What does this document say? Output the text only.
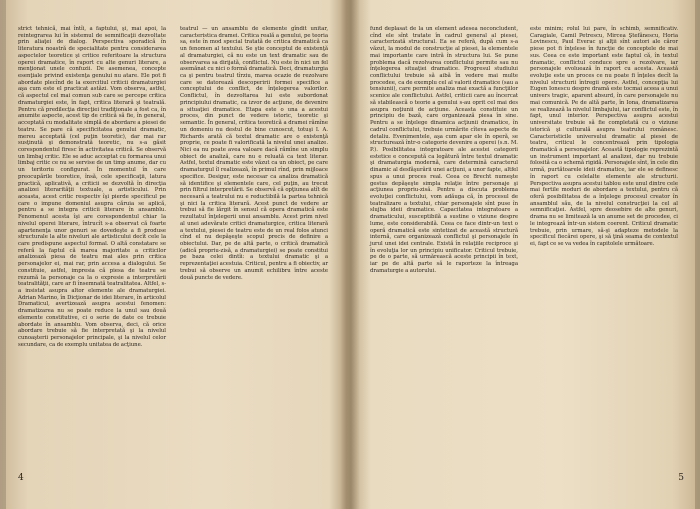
strict tehnică, mai întîi, a faptului, şi, mai apoi, la reintegrarea lui în sistemul de semnificaţii dezvoltate prin aliaţei de dialog. Perspectiva sporadică în literatura noastră de specialitate pentru considerarea aspectelor teoretice şi critice referitoare la structura operei dramatice, în raport cu alte genuri literare, a menţionat unele confuzii. De asemenea, concepte esenţiale privind existenţa genului nu atare. Ele pot fi abordate plecînd de la exercitiul criticii dramaturgiei aşa cum este el practicat astăzi. Vom observa, astfel, că aspectul cel mai comun sub care se percepe critica dramaturgiei este, în fapt, critica literară şi teatrală. Pentru că predilecţia direcţiei tradiţionale a fost ca, în anumite aspecte, acest tip de critică să fie, în general, acceptată cu modalitate simplă de abordare a piesei de teatru. Se pare că specificitatea genului dramatic, mereu acceptată (cel puţin teoretic), dar mai rar susţinută şi demonstrată teoretic, nu s-a găsit corespondentul firesc în activitatea critică. Se observă un limbaj critic. Ele se aduc acceptat cu formarea unui limbaj critic ce nu se servise de un timp anume, dar cu un teritoriu configurat. În momentul în care preocupările teoretice, însă, cele specificaţii, latura practică, aplicativă, a criticii se dezvoltă în direcţia analizei literarităţii textuale, a artisticului. Prin aceasta, acest critic respectiv îşi pierde specificul pe care o impune domeniul asupra căruia se aplică, pentru a se integra criticii literare în ansamblu. Fenomenul acesta îşi are corespondentul chiar la nivelul operei literare, întrucît s-a observat că foarte apartenenţa unor genuri se dovedeşte a fi produse structurale la alte niveluri ale artisticului decît cele la care predispune aspectul formal. O altă constatare se referă la faptul că marea majoritate a criticilor analizează piesa de teatru mai ales prin critica personajelor ei, mai rar, prin accesa a dialogului. Se constituie, astfel, impresia că piesa de teatru se rezumă la personaje ca la o expresie a interpretării teatralităţii, care ar fi însemnată teatralitatea. Altfel, s-a insistat asupra altor elemente ale dramaturgiei. Adrian Marino, în Dicţionar de idei literare, în articolul Dramaticul, avertizează asupra acestui fenomen: dramatizarea nu se poate reduce la unul sau două elemente constitutive, ci o serie de date ce trebuie abordate în ansamblu. Vom observa, deci, că orice abordare trebuie să fie interpretată şi la nivelul cunoaşterii personajelor principale, şi la nivelul celor secundare, ca de exemplu unitatea de acţiune.

teatrul — un ansamblu de elemente gîndit unitar, caracteristica dramei. Critica reală a genului, pe teoria sa, este în mod special tratată de critica dramatică ca un fenomen al textului. Se ştie conceptul de existenţă al dramaturgiei, că nu este un text dramatic sau de observarea sa dirijată, conflictul. Nu este în nici un fel asemănat cu nici o formă dramatică. Deci, dramaturgia ca şi pentru teatrul tîrziu, marea ocazie de rezolvare care se datorează descoperirii formei specifice a conceptului de conflict, de înţelegerea valorilor. Conflictul, în dezvoltarea lui este subordonat principiului dramatic, ca izvor de acţiune, de devenire a situaţiei dramatice. Etapa este o una a acestui proces, din punct de vedere istoric, teoretic şi semantic. În general, critica teoretică a dramei rămîne un domeniu nu destul de bine cunoscut, totuşi I. A. Richards arată că textul dramatic are o existenţă proprie, ce poate fi valorificată la nivelul unei analize. Nici ea nu poate avea valoare dacă rămîne un simplu obiect de analiză, care nu e reluată ca text literar. Astfel, textul dramatic este văzut ca un obiect, pe care dramaturgul îl realizează, în primul rînd, prin mijloace specifice. Desigur, este necesar ca analiza dramatică să identifice şi elementele care, cel puţin, au trecut prin filtrul interpretării. Se observă că opţiunea atît de necesară a teatrului nu e reductibilă la partea tehnică şi nici la critica literară. Acest punct de vedere ar trebui să fie lărgit în sensul că opera dramatică este rezultatul înţelegerii unui ansamblu. Acest prim nivel al unei adevărate critici dramaturgice, critica literară a textului, piesei de teatru este de un real folos atunci cînd el nu depăşeşte scopul precis de definire a obiectului. Dar, pe de altă parte, o critică dramatică (adică propriu-zisă, a dramaturgiei) se poate constitui pe baza celei dintîi: a textului dramatic şi a reprezentaţiei acestuia. Criticul, pentru a fi obiectiv, ar trebui să observe un anumit echilibru între aceste două puncte de vedere.

4

fund deplasat de la un element adesea neconcludent, cînd ele sînt tratate în cadrul general al piesei, caracterizată structural. Ea se referă, după cum s-a văzut, la modul de construcţie al piesei, la elementele mai importante care intră în structura lui. Se pune problema dacă rezolvarea conflictului permite sau nu înţelegerea situaţiei dramatice. Progresul studiului conflictului trebuie să aibă în vedere mai multe procedee, ca de exemplu cel al valorii dramatice (sau a tensiunii), care permite analiza mai exactă a funcţiilor scenice ale conflictului. Astfel, criticii care au încercat să stabilească o teorie a genului s-au oprit cel mai des asupra noţiunii de acţiune. Aceasta constituie un principiu de bază, care organizează piesa în sine. Pentru a se înţelege dinamica acţiunii dramatice, în cadrul conflictului, trebuie urmărite cîteva aspecte de detaliu. Evenimentele, aşa cum apar ele în operă, se structurează într-o categorie devenire a operei (s.n. M. P.). Posibilitatea integratoare ale acestei categorii estetice e concepută ca legătură între textul dramatic şi dramaturgia modernă, care determină caracterul dinamic al desfăşurării unei acţiuni, a unor fapte, altfel spus a unui proces real. Ceea ce Brecht numeşte gestus depăşeşte simpla relaţie între personaje şi acţiunea propriu-zisă. Pentru a discuta problema evoluţiei conflictului, vom adăuga că, în procesul de teatralizare a textului, chiar personajele sînt puse în slujba ideii dramatice. Capacitatea integratoare a dramaticului, susceptibilă a sustine o viziune despre lume, este considerabilă. Ceea ce face dintr-un text o operă dramatică este sintetizat de această structură internă, care organizează conflictul şi personajele în jurul unei idei centrale. Există în relaţiile reciproce şi în evoluţia lor un principiu unificator. Criticul trebuie, pe de o parte, să urmărească aceste principii în text, iar pe de altă parte să le raporteze la întreaga dramaturgie a autorului.

este minim; rolul lui pare, în schimb, semnificativ. Caragiale, Camil Petrescu, Mircea Ştefănescu, Horia Lovinescu, Paul Everac şi alţii sînt autori ale căror piese pot fi înţelese în funcţie de conceptele de mai sus. Ceea ce este important este faptul că, în textul dramatic, conflictul conduce spre o rezolvare, iar personajele evoluează în raport cu acesta. Această evoluţie este un proces ce nu poate fi înţeles decît la nivelul structurii întregii opere. Astfel, concepţia lui Eugen Ionescu despre dramă este tocmai aceea a unui univers tragic, aparent absurd, în care personajele nu mai comunică. Pe de altă parte, în Iona, dramatizarea se realizează la nivelul limbajului, iar conflictul este, în fapt, unul interior. Perspectiva asupra acestui universitate trebuie să fie completată cu o viziune istorică şi culturală asupra teatrului românesc. Caracteristicile universului dramatic al piesei de teatru, criticul le concentrează prin tipologia dramatică a personajelor. Această tipologie reprezintă un instrument important al analizei, dar nu trebuie folosită ca o schemă rigidă. Personajele sînt, în cele din urmă, purtătoarele ideii dramatice, iar ele se definesc în raport cu celelalte elemente ale structurii. Perspectiva asupra acestui tablou este unul dintre cele mai fertile moduri de abordare a textului, pentru că oferă posibilitatea de a înţelege procesul creator în ansamblul său, de la nivelul construcţiei la cel al semnificaţiei. Astfel, spre deosebire de alte genuri, drama nu se limitează la un anume set de procedee, ci le integrează într-un sistem coerent. Criticul dramatic trebuie, prin urmare, să-şi adapteze metodele la specificul fiecărei opere, şi să ţină seama de contextul ei, fapt ce se va vedea în capitolele următoare.

5
